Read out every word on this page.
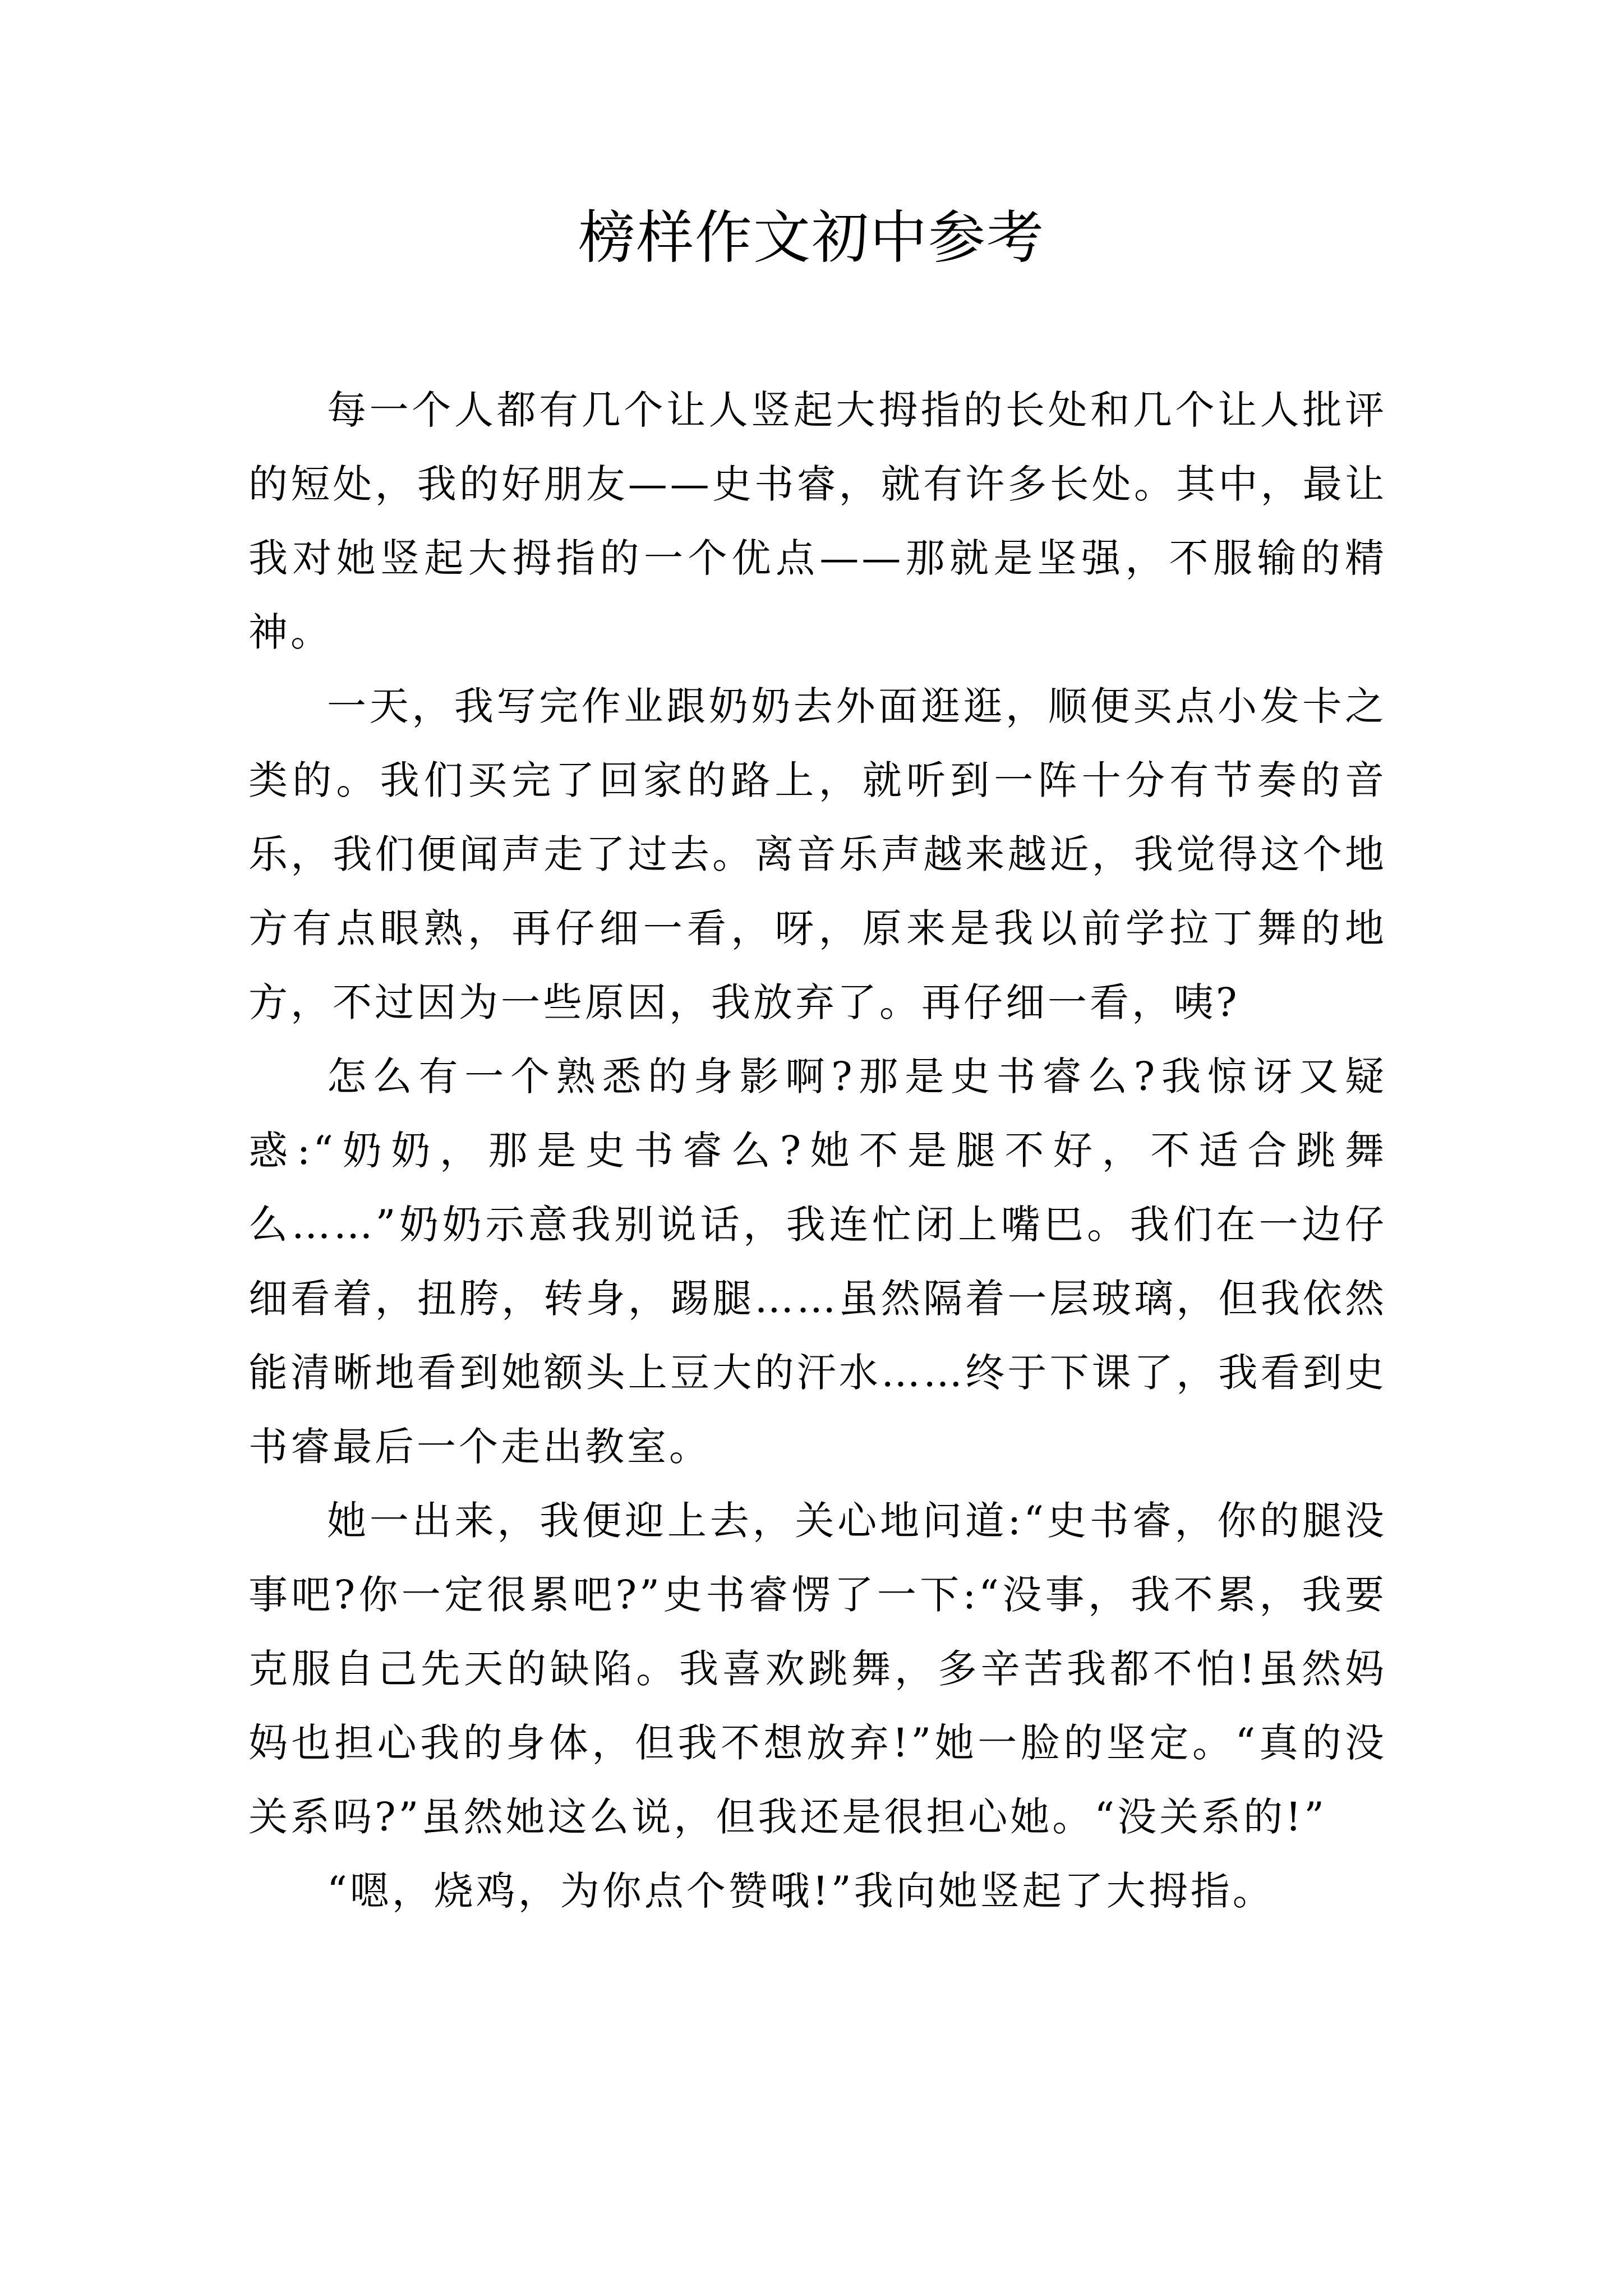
榜样作文初中参考

每一个人都有几个让人竖起大拇指的长处和几个让人批评的短处，我的好朋友——史书睿，就有许多长处。其中，最让我对她竖起大拇指的一个优点——那就是坚强，不服输的精神。

一天，我写完作业跟奶奶去外面逛逛，顺便买点小发卡之类的。我们买完了回家的路上，就听到一阵十分有节奏的音乐，我们便闻声走了过去。离音乐声越来越近，我觉得这个地方有点眼熟，再仔细一看，呀，原来是我以前学拉丁舞的地方，不过因为一些原因，我放弃了。再仔细一看，咦?

怎么有一个熟悉的身影啊?那是史书睿么?我惊讶又疑惑:“奶奶，那是史书睿么?她不是腿不好，不适合跳舞么……”奶奶示意我别说话，我连忙闭上嘴巴。我们在一边仔细看着，扭胯，转身，踢腿……虽然隔着一层玻璃，但我依然能清晰地看到她额头上豆大的汗水……终于下课了，我看到史书睿最后一个走出教室。

她一出来，我便迎上去，关心地问道:“史书睿，你的腿没事吧?你一定很累吧?”史书睿愣了一下:“没事，我不累，我要克服自己先天的缺陷。我喜欢跳舞，多辛苦我都不怕!虽然妈妈也担心我的身体，但我不想放弃!”她一脸的坚定。“真的没关系吗?”虽然她这么说，但我还是很担心她。“没关系的!”

“嗯，烧鸡，为你点个赞哦!”我向她竖起了大拇指。
